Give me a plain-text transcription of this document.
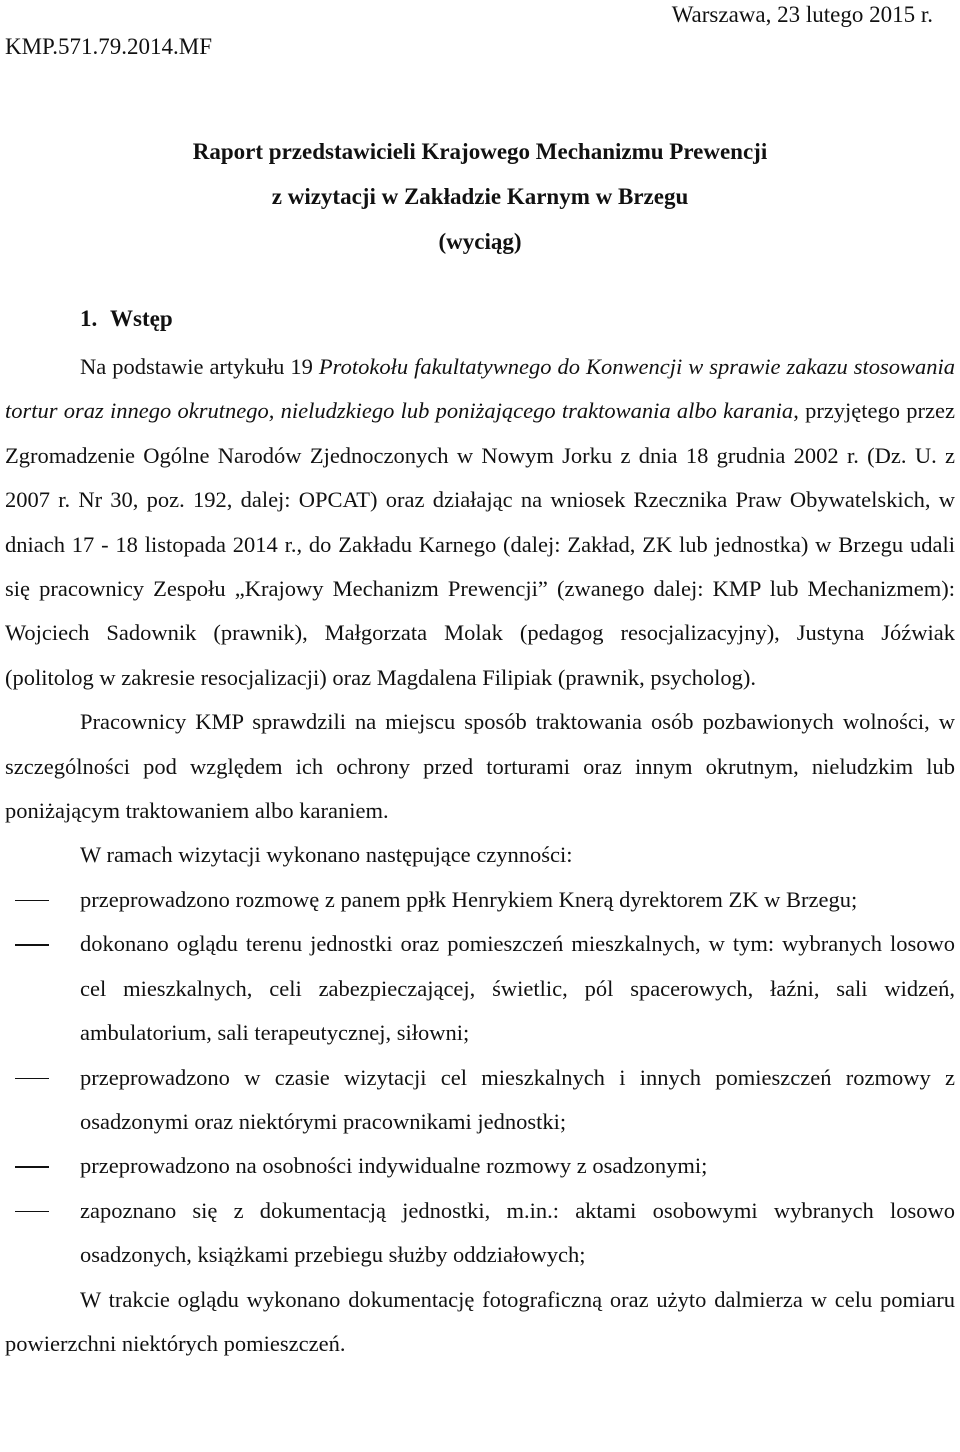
KMP.571.79.2014.MF
Warszawa, 23 lutego 2015 r.
Raport przedstawicieli Krajowego Mechanizmu Prewencji
z wizytacji w Zakładzie Karnym w Brzegu
(wyciąg)
1. Wstęp

Na podstawie artykułu 19 Protokołu fakultatywnego do Konwencji w sprawie zakazu stosowania tortur oraz innego okrutnego, nieludzkiego lub poniżającego traktowania albo karania, przyjętego przez Zgromadzenie Ogólne Narodów Zjednoczonych w Nowym Jorku z dnia 18 grudnia 2002 r. (Dz. U. z 2007 r. Nr 30, poz. 192, dalej: OPCAT) oraz działając na wniosek Rzecznika Praw Obywatelskich, w dniach 17 - 18 listopada 2014 r., do Zakładu Karnego (dalej: Zakład, ZK lub jednostka) w Brzegu udali się pracownicy Zespołu „Krajowy Mechanizm Prewencji” (zwanego dalej: KMP lub Mechanizmem): Wojciech Sadownik (prawnik), Małgorzata Molak (pedagog resocjalizacyjny), Justyna Jóźwiak (politolog w zakresie resocjalizacji) oraz Magdalena Filipiak (prawnik, psycholog).

Pracownicy KMP sprawdzili na miejscu sposób traktowania osób pozbawionych wolności, w szczególności pod względem ich ochrony przed torturami oraz innym okrutnym, nieludzkim lub poniżającym traktowaniem albo karaniem.

W ramach wizytacji wykonano następujące czynności:

przeprowadzono rozmowę z panem ppłk Henrykiem Knerą dyrektorem ZK w Brzegu;
dokonano oglądu terenu jednostki oraz pomieszczeń mieszkalnych, w tym: wybranych losowo cel mieszkalnych, celi zabezpieczającej, świetlic, pól spacerowych, łaźni, sali widzeń, ambulatorium, sali terapeutycznej, siłowni;
przeprowadzono w czasie wizytacji cel mieszkalnych i innych pomieszczeń rozmowy z osadzonymi oraz niektórymi pracownikami jednostki;
przeprowadzono na osobności indywidualne rozmowy z osadzonymi;
zapoznano się z dokumentacją jednostki, m.in.: aktami osobowymi wybranych losowo osadzonych, książkami przebiegu służby oddziałowych;

W trakcie oglądu wykonano dokumentację fotograficzną oraz użyto dalmierza w celu pomiaru powierzchni niektórych pomieszczeń.
